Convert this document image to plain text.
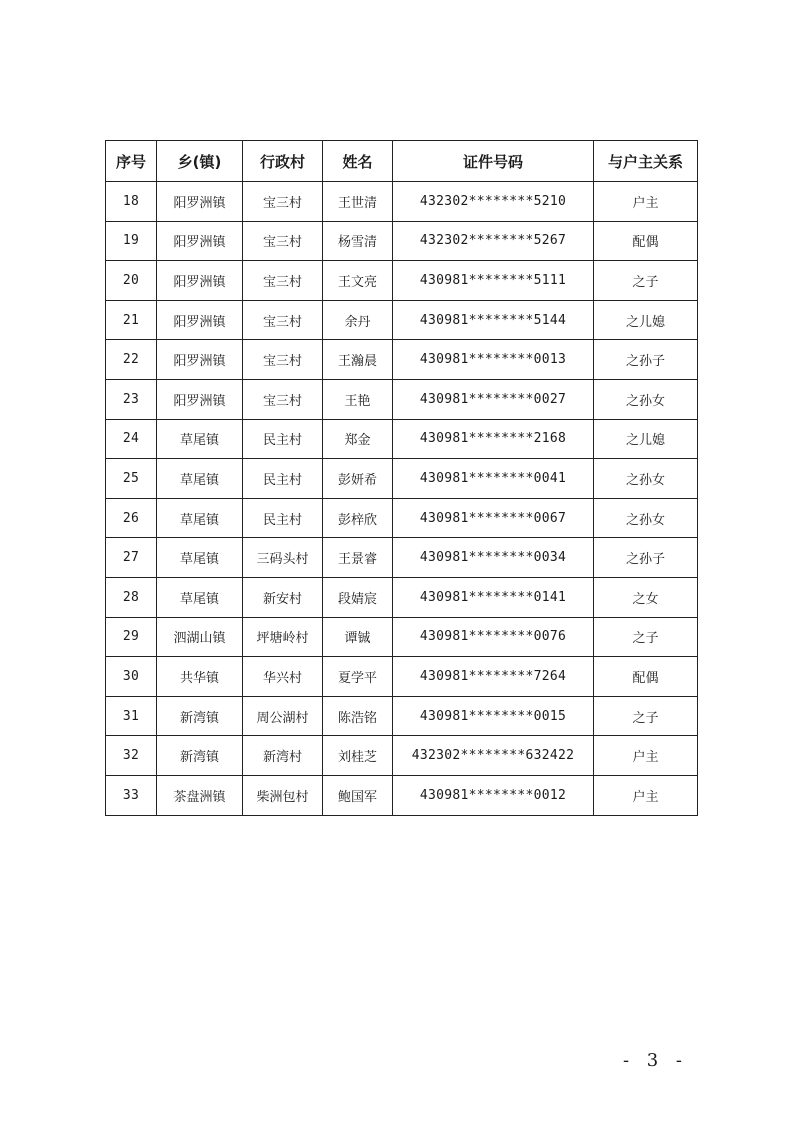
序号	乡(镇)	行政村	姓名	证件号码	与户主关系
18	阳罗洲镇	宝三村	王世清	432302********5210	户主
19	阳罗洲镇	宝三村	杨雪清	432302********5267	配偶
20	阳罗洲镇	宝三村	王文亮	430981********5111	之子
21	阳罗洲镇	宝三村	余丹	430981********5144	之儿媳
22	阳罗洲镇	宝三村	王瀚晨	430981********0013	之孙子
23	阳罗洲镇	宝三村	王艳	430981********0027	之孙女
24	草尾镇	民主村	郑金	430981********2168	之儿媳
25	草尾镇	民主村	彭妍希	430981********0041	之孙女
26	草尾镇	民主村	彭梓欣	430981********0067	之孙女
27	草尾镇	三码头村	王景睿	430981********0034	之孙子
28	草尾镇	新安村	段婧宸	430981********0141	之女
29	泗湖山镇	坪塘岭村	谭铖	430981********0076	之子
30	共华镇	华兴村	夏学平	430981********7264	配偶
31	新湾镇	周公湖村	陈浩铭	430981********0015	之子
32	新湾镇	新湾村	刘桂芝	432302********632422	户主
33	茶盘洲镇	柴洲包村	鲍国军	430981********0012	户主
- 3 -
